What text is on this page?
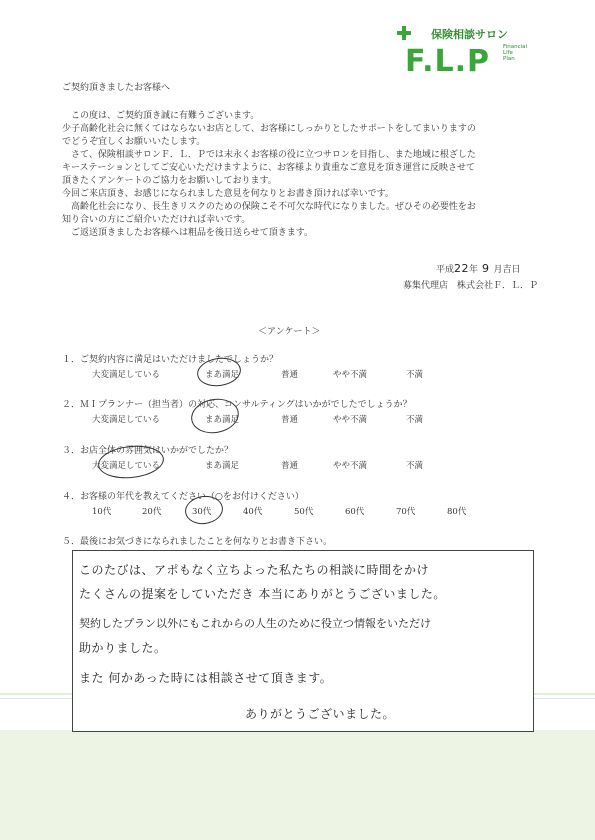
保険相談サロン
F.L.P Financial
Life
Plan
ご契約頂きましたお客様へ
　この度は、ご契約頂き誠に有難うございます。
少子高齢化社会に無くてはならないお店として、お客様にしっかりとしたサポートをしてまいりますの
でどうぞ宜しくお願いいたします。
　さて、保険相談サロンＦ．Ｌ．Ｐでは末永くお客様の役に立つサロンを目指し、また地域に根ざした
キーステーションとしてご安心いただけますように、お客様より貴重なご意見を頂き運営に反映させて
頂きたくアンケートのご協力をお願いしております。
今回ご来店頂き、お感じになられました意見を何なりとお書き頂ければ幸いです。
　高齢化社会になり、長生きリスクのための保険こそ不可欠な時代になりました。ぜひその必要性をお
知り合いの方にご紹介いただければ幸いです。
　ご返送頂きましたお客様へは粗品を後日送らせて頂きます。
平成22年 9 月吉日
募集代理店　株式会社Ｆ．Ｌ．Ｐ
＜アンケート＞
１．ご契約内容に満足はいただけましたでしょうか？
大変満足している	まあ満足	普通	やや不満	不満
２．ＭＩプランナー（担当者）の対応、コンサルティングはいかがでしたでしょうか？
大変満足している	まあ満足	普通	やや不満	不満
３．お店全体の雰囲気はいかがでしたか？
大変満足している	まあ満足	普通	やや不満	不満
４．お客様の年代を教えてください（○をお付けください）
10代	20代	30代	40代	50代	60代	70代	80代
５．最後にお気づきになられましたことを何なりとお書き下さい。
このたびは、アポもなく立ちよった私たちの相談に時間をかけ
たくさんの提案をしていただき 本当にありがとうございました。
契約したプラン以外にもこれからの人生のために役立つ情報をいただけ
助かりました。
また 何かあった時には相談させて頂きます。
ありがとうございました。
